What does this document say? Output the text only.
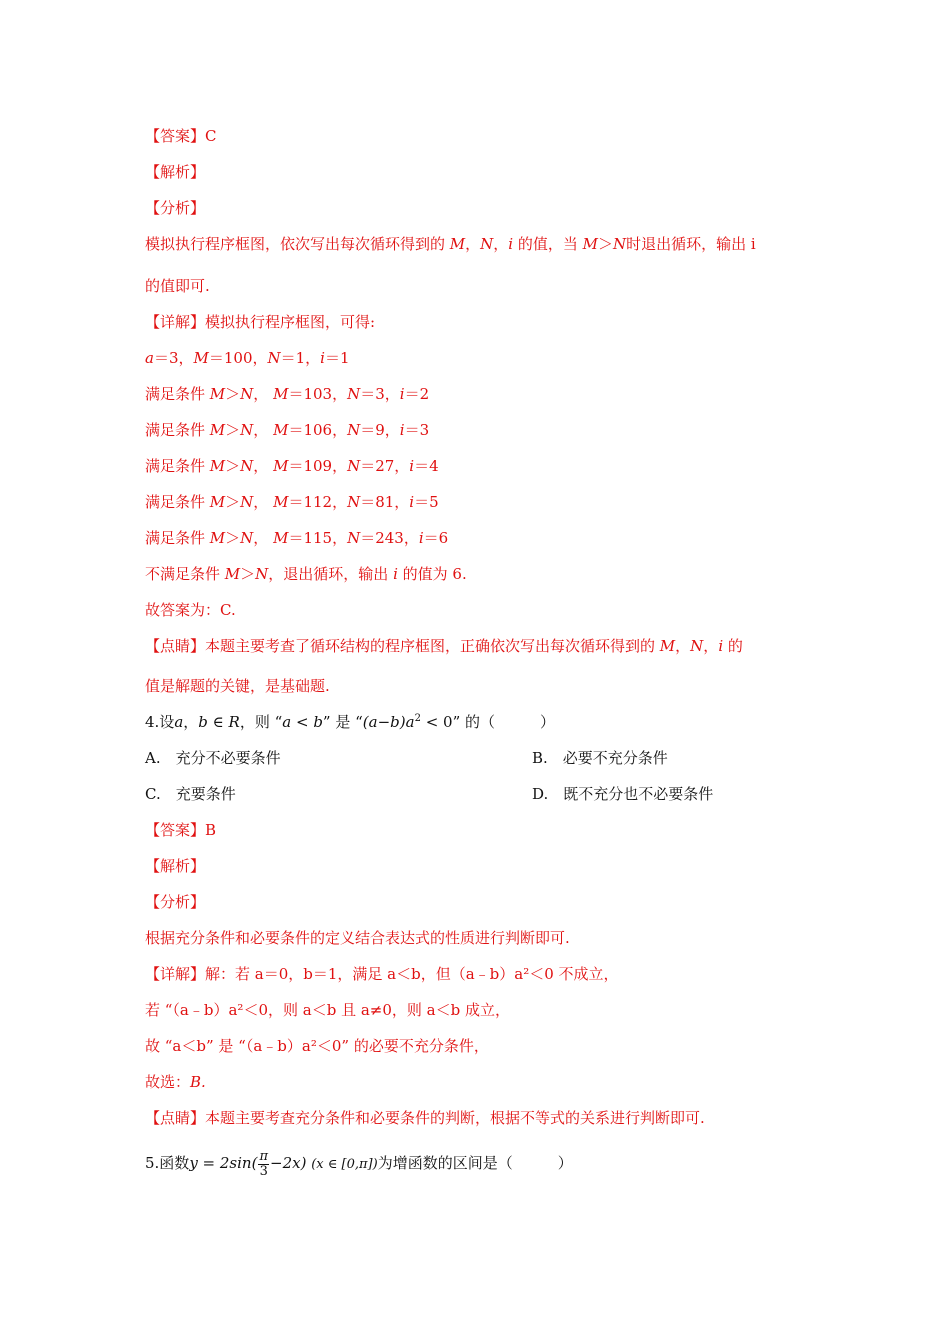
【答案】C
【解析】
【分析】
模拟执行程序框图，依次写出每次循环得到的 M，N，i 的值，当 M＞N时退出循环，输出 i
的值即可.
【详解】模拟执行程序框图，可得:
a＝3，M＝100，N＝1，i＝1
满足条件 M＞N， M＝103，N＝3，i＝2
满足条件 M＞N， M＝106，N＝9，i＝3
满足条件 M＞N， M＝109，N＝27，i＝4
满足条件 M＞N， M＝112，N＝81，i＝5
满足条件 M＞N， M＝115，N＝243，i＝6
不满足条件 M＞N，退出循环，输出 i 的值为 6.
故答案为：C.
【点睛】本题主要考查了循环结构的程序框图，正确依次写出每次循环得到的 M，N，i 的
值是解题的关键，是基础题.
4.设a，b ∈ R，则 “a < b” 是 “$(a-b)a^2 < 0$” 的（　　　）
A.　充分不必要条件	B.　必要不充分条件
C.　充要条件	D.　既不充分也不必要条件
【答案】B
【解析】
【分析】
根据充分条件和必要条件的定义结合表达式的性质进行判断即可.
【详解】解：若 a＝0，b＝1，满足 a＜b，但（a﹣b）a²＜0 不成立，
若 “（a﹣b）a²＜0，则 a＜b 且 a≠0，则 a＜b 成立，
故 “a＜b” 是 “（a﹣b）a²＜0” 的必要不充分条件，
故选：B.
【点睛】本题主要考查充分条件和必要条件的判断，根据不等式的关系进行判断即可.
5.函数$y = 2\sin( \frac{\pi}{3} -2x)$ (x ∈ [0,π])为增函数的区间是（　　　）
